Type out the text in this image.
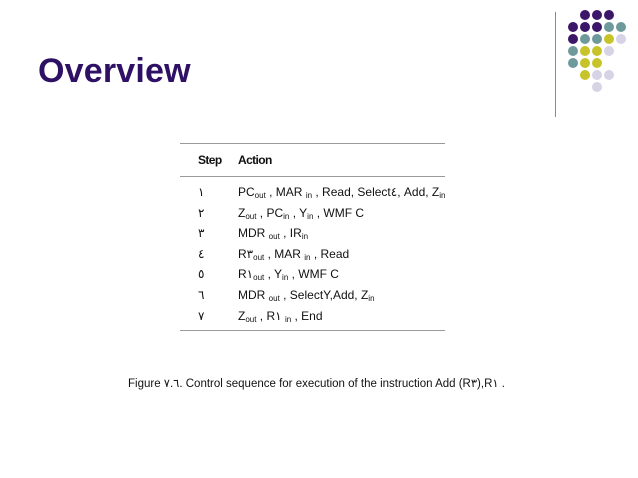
Overview
Step Action
١	$PC_{out}$ , MAR $_{in}$ , Read, Select٤, Add, $Z_{in}$
٢	$Z_{out}$ , $PC_{in}$ , $Y_{in}$ , WMF C
٣	MDR $_{out}$ , $IR_{in}$
٤	$R٣_{out}$ , MAR $_{in}$ , Read
٥	$R١_{out}$ , $Y_{in}$ , WMF C
٦	MDR $_{out}$ , SelectY,Add, $Z_{in}$
٧	$Z_{out}$ , R١ $_{in}$ , End
Figure ٧.٦. Control sequence for execution of the instruction Add (R٣),R١ .
